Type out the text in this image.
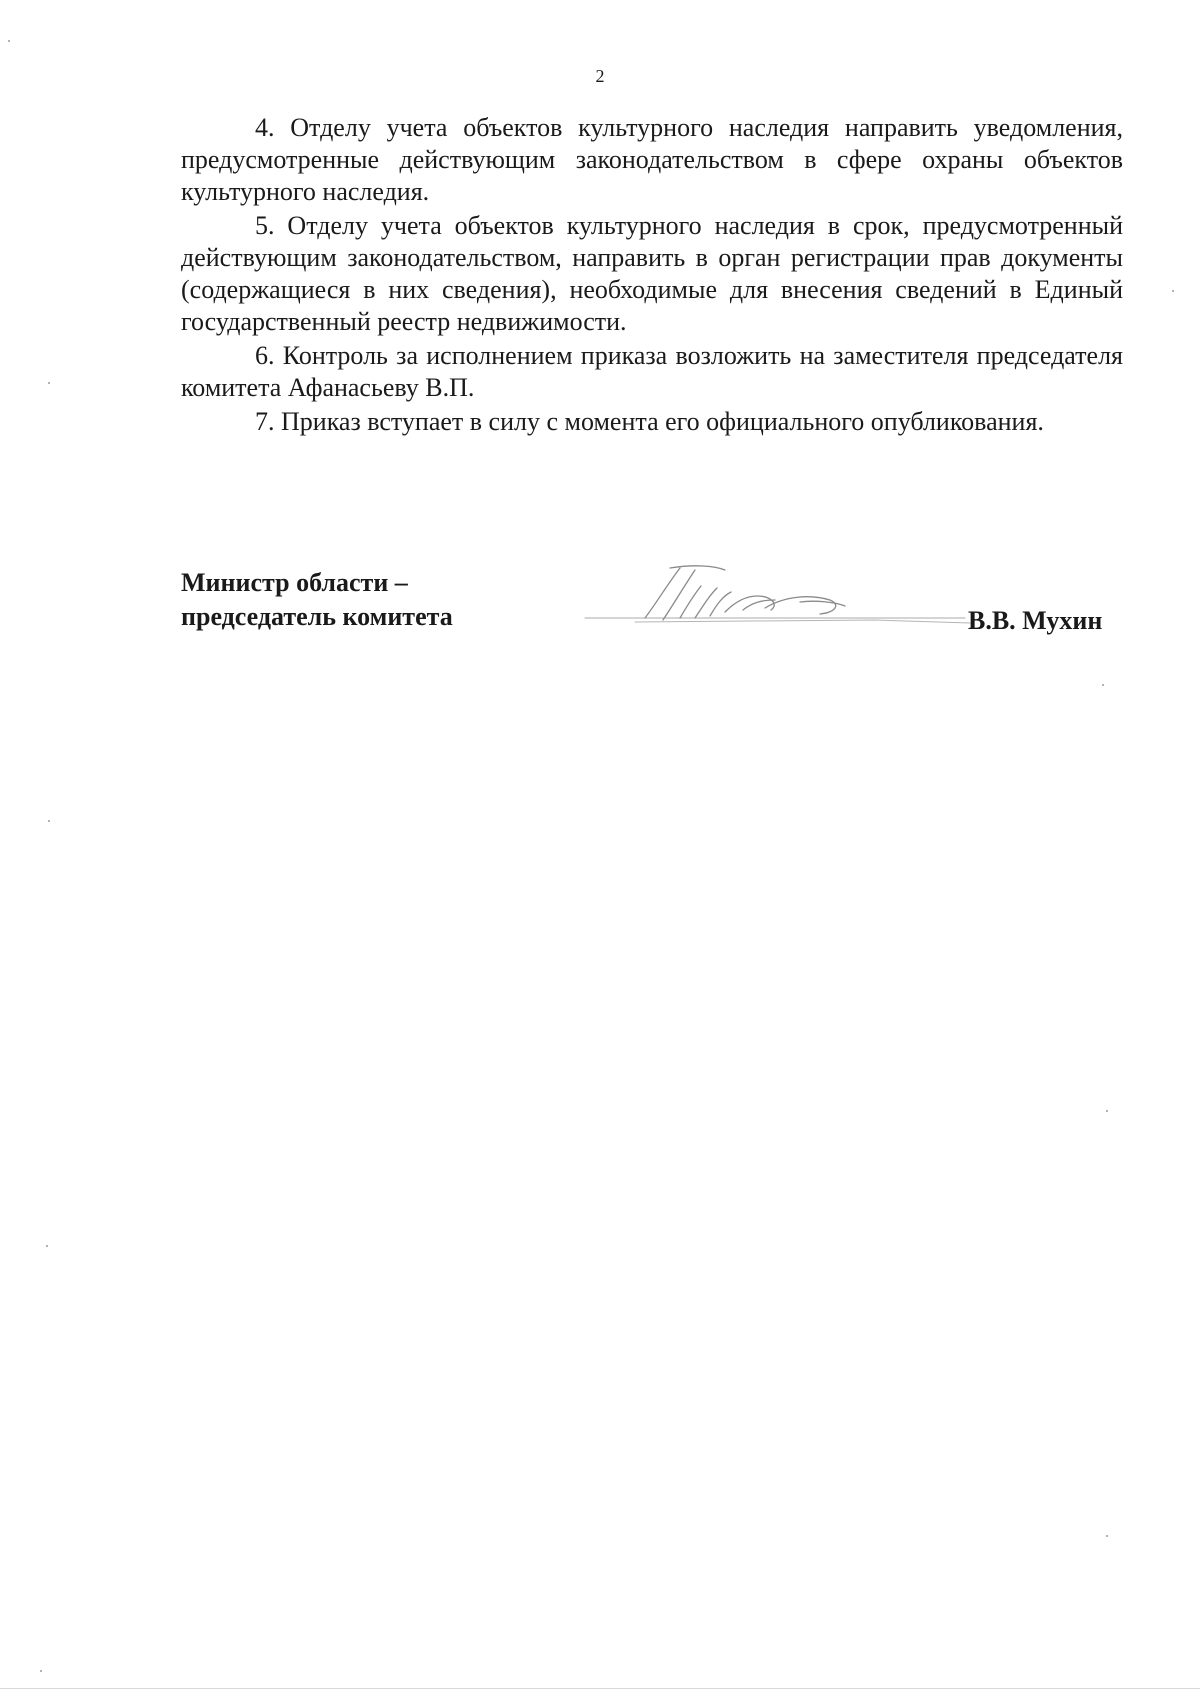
2

4. Отделу учета объектов культурного наследия направить уведомления, предусмотренные действующим законодательством в сфере охраны объектов культурного наследия.

5. Отделу учета объектов культурного наследия в срок, предусмотренный действующим законодательством, направить в орган регистрации прав документы (содержащиеся в них сведения), необходимые для внесения сведений в Единый государственный реестр недвижимости.

6. Контроль за исполнением приказа возложить на заместителя председателя комитета Афанасьеву В.П.

7. Приказ вступает в силу с момента его официального опубликования.

Министр области –
председатель комитета	В.В. Мухин
